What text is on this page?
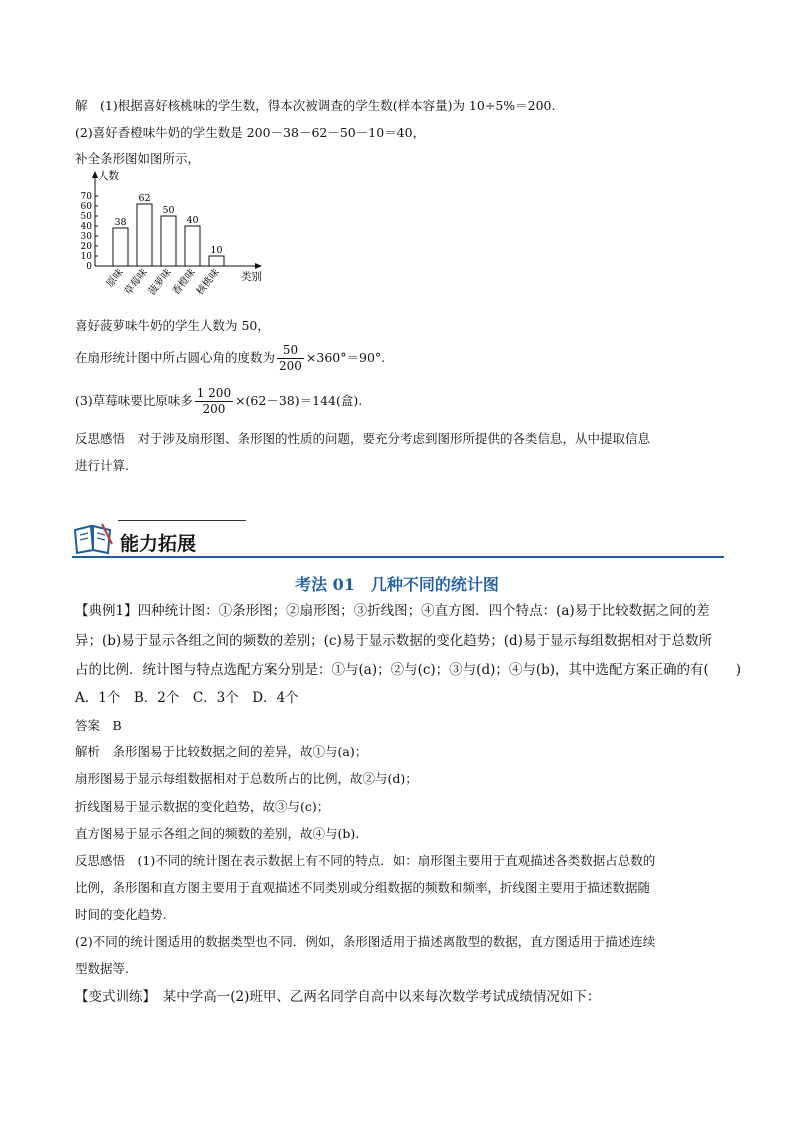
解　(1)根据喜好核桃味的学生数，得本次被调查的学生数(样本容量)为 10÷5%＝200.
(2)喜好香橙味牛奶的学生数是 200－38－62－50－10＝40，
补全条形图如图所示，
0
10
20
30
40
50
60
70
人数
类别
38
原味
62
草莓味
50
菠萝味
40
香橙味
10
核桃味
喜好菠萝味牛奶的学生人数为 50，
在扇形统计图中所占圆心角的度数为 $\frac{50}{200} \times 360^\circ=90^\circ$.
(3)草莓味要比原味多 $\frac{1 200}{200} \times(62-38)=144$(盒).
反思感悟　对于涉及扇形图、条形图的性质的问题，要充分考虑到图形所提供的各类信息，从中提取信息
进行计算.
能力拓展
考法 01　几种不同的统计图
【典例1】四种统计图：①条形图；②扇形图；③折线图；④直方图．四个特点：(a)易于比较数据之间的差
异；(b)易于显示各组之间的频数的差别；(c)易于显示数据的变化趋势；(d)易于显示每组数据相对于总数所
占的比例．统计图与特点选配方案分别是：①与(a)；②与(c)；③与(d)；④与(b)，其中选配方案正确的有(　　)
A．1个　B．2个　C．3个　D．4个
答案　B
解析　条形图易于比较数据之间的差异，故①与(a)；
扇形图易于显示每组数据相对于总数所占的比例，故②与(d)；
折线图易于显示数据的变化趋势，故③与(c)；
直方图易于显示各组之间的频数的差别，故④与(b).
反思感悟　(1)不同的统计图在表示数据上有不同的特点．如：扇形图主要用于直观描述各类数据占总数的
比例，条形图和直方图主要用于直观描述不同类别或分组数据的频数和频率，折线图主要用于描述数据随
时间的变化趋势.
(2)不同的统计图适用的数据类型也不同．例如，条形图适用于描述离散型的数据，直方图适用于描述连续
型数据等.
【变式训练】　某中学高一(2)班甲、乙两名同学自高中以来每次数学考试成绩情况如下：
